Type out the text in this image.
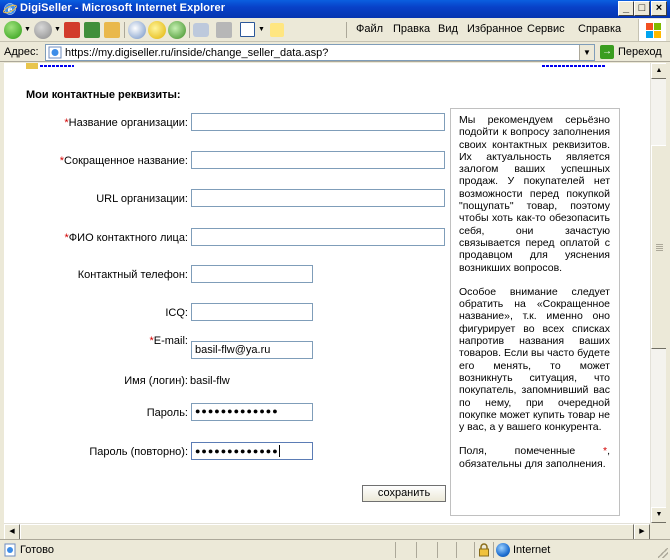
e DigiSeller - Microsoft Internet Explorer	_ □ ×
▼	▼	▼	Файл Правка Вид Избранное Сервис Справка
Адрес: https://my.digiseller.ru/inside/change_seller_data.asp?	▼	→ Переход
Мои контактные реквизиты:
*Название организации:
*Сокращенное название:
URL организации:
*ФИО контактного лица:
Контактный телефон:
ICQ:
*E-mail:
basil-flw@ya.ru
Имя (логин): basil-flw
Пароль: ●●●●●●●●●●●●●
Пароль (повторно): ●●●●●●●●●●●●●
сохранить

Мы рекомендуем серьёзно подойти к вопросу заполнения своих контактных реквизитов. Их актуальность является залогом ваших успешных продаж. У покупателей нет возможности перед покупкой "пощупать" товар, поэтому чтобы хоть как-то обезопасить себя, они зачастую связывается перед оплатой с продавцом для уяснения возникших вопросов.

Особое внимание следует обратить на «Сокращенное название», т.к. именно оно фигурирует во всех списках напротив названия ваших товаров. Если вы часто будете его менять, то может возникнуть ситуация, что покупатель, запомнивший вас по нему, при очередной покупке может купить товар не у вас, а у вашего конкурента.

Поля, помеченные	*, обязательны для заполнения.

▲
▼
◀	▶
Готово	Internet
